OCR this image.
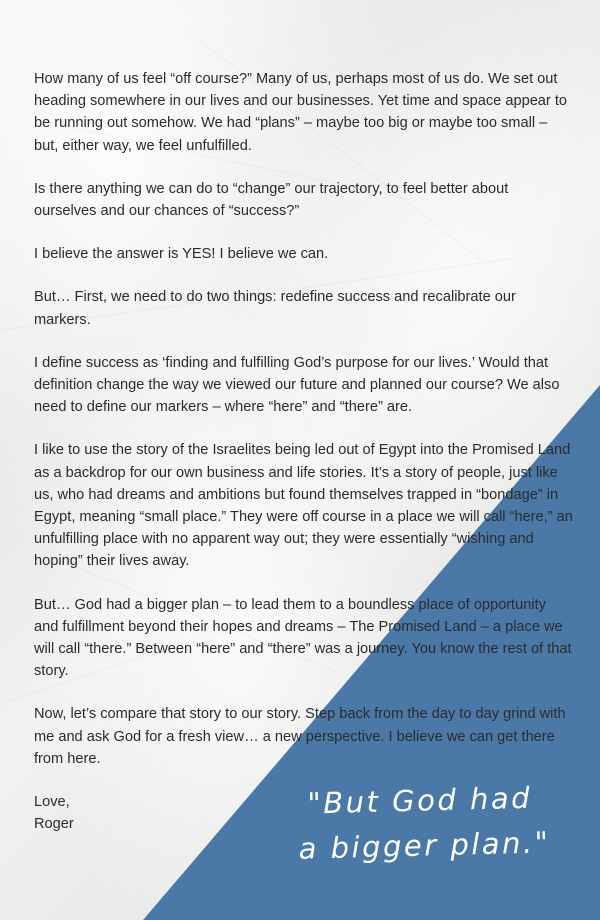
How many of us feel “off course?” Many of us, perhaps most of us do. We set out heading somewhere in our lives and our businesses. Yet time and space appear to be running out somehow. We had “plans” – maybe too big or maybe too small – but, either way, we feel unfulfilled.

Is there anything we can do to “change” our trajectory, to feel better about ourselves and our chances of “success?”

I believe the answer is YES! I believe we can.

But… First, we need to do two things: redefine success and recalibrate our markers.

I define success as ‘finding and fulfilling God’s purpose for our lives.’ Would that definition change the way we viewed our future and planned our course? We also need to define our markers – where “here” and “there” are.

I like to use the story of the Israelites being led out of Egypt into the Promised Land as a backdrop for our own business and life stories. It’s a story of people, just like us, who had dreams and ambitions but found themselves trapped in “bondage” in Egypt, meaning “small place.” They were off course in a place we will call “here,” an unfulfilling place with no apparent way out; they were essentially “wishing and hoping” their lives away.

But… God had a bigger plan – to lead them to a boundless place of opportunity and fulfillment beyond their hopes and dreams – The Promised Land – a place we will call “there.” Between “here” and “there” was a journey. You know the rest of that story.

Now, let’s compare that story to our story. Step back from the day to day grind with me and ask God for a fresh view… a new perspective. I believe we can get there from here.

Love,

Roger

"But God had
a bigger plan."
